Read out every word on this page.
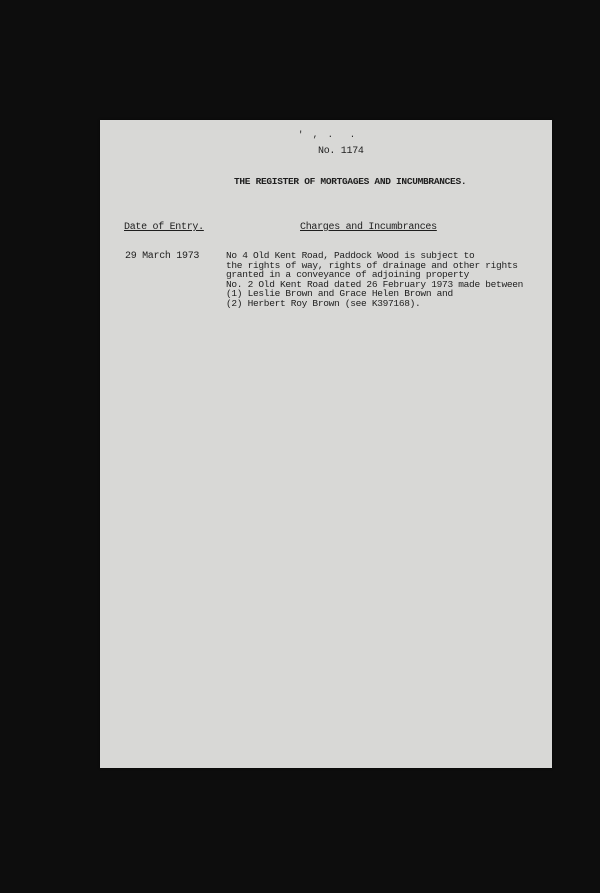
' , .  .
No. 1174
THE REGISTER OF MORTGAGES AND INCUMBRANCES.
Date of Entry.	Charges and Incumbrances
29 March 1973	No 4 Old Kent Road, Paddock Wood is subject to
the rights of way, rights of drainage and other rights
granted in a conveyance of adjoining property
No. 2 Old Kent Road dated 26 February 1973 made between
(1) Leslie Brown and Grace Helen Brown and
(2) Herbert Roy Brown (see K397168).
